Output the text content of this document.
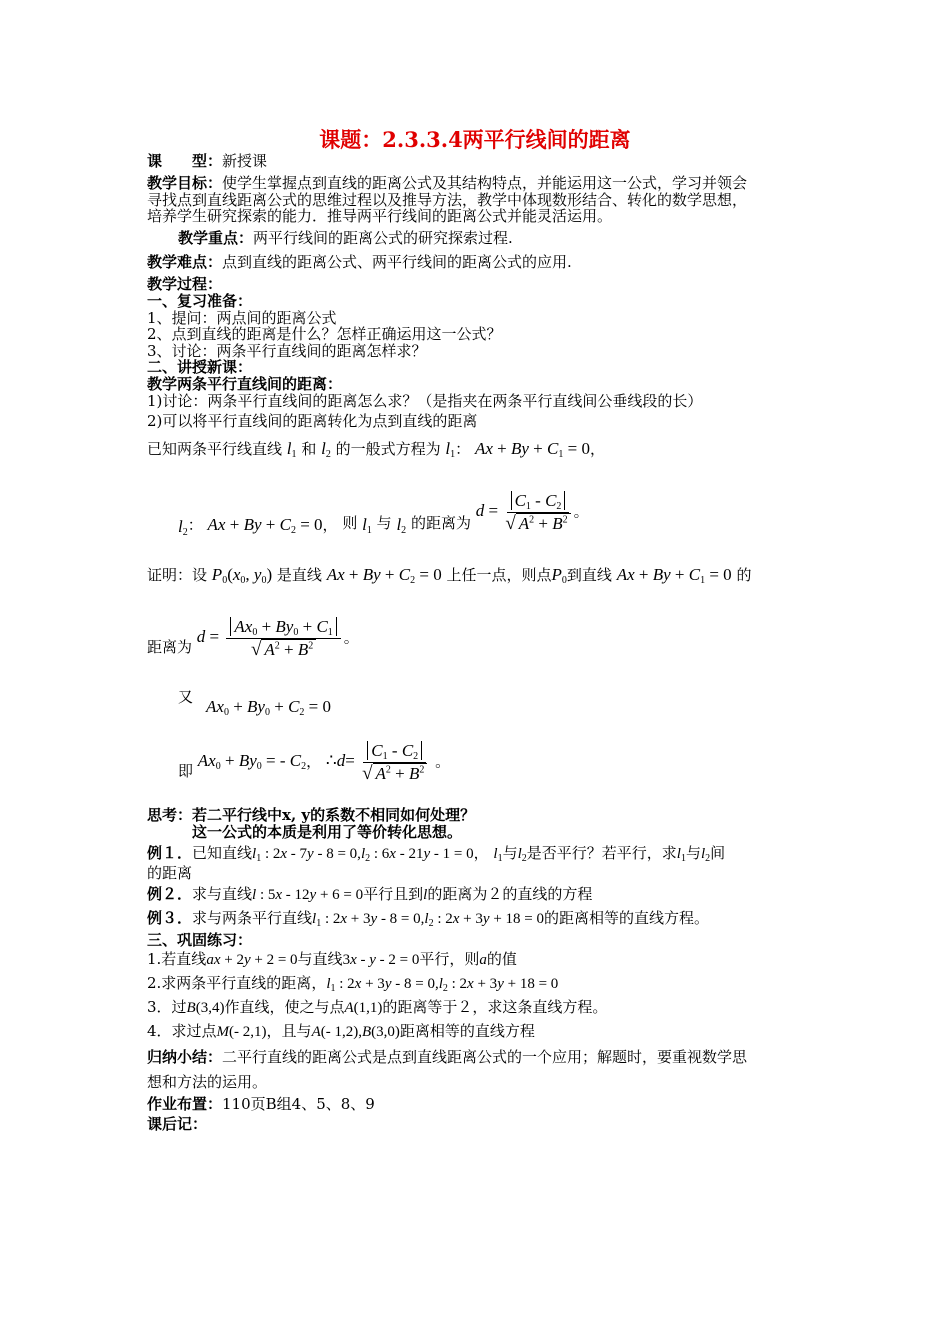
课题：2.3.3.4两平行线间的距离
课　　型：新授课
教学目标：使学生掌握点到直线的距离公式及其结构特点，并能运用这一公式，学习并领会
寻找点到直线距离公式的思维过程以及推导方法，教学中体现数形结合、转化的数学思想，
培养学生研究探索的能力．推导两平行线间的距离公式并能灵活运用。
教学重点：两平行线间的距离公式的研究探索过程.
教学难点：点到直线的距离公式、两平行线间的距离公式的应用.
教学过程：
一、复习准备：
1、提问：两点间的距离公式
2、点到直线的距离是什么？怎样正确运用这一公式？
3、讨论：两条平行直线间的距离怎样求？
二、讲授新课：
教学两条平行直线间的距离：
1)讨论：两条平行直线间的距离怎么求？（是指夹在两条平行直线间公垂线段的长）
2)可以将平行直线间的距离转化为点到直线的距离
已知两条平行线直线 $l_1$ 和 $l_2$ 的一般式方程为 $l_1$： $Ax + By + C_1 = 0$，
$l_2$： $Ax + By + C_2 = 0$， 则 $l_1$ 与 $l_2$ 的距离为 $d = \frac{C_1 - C_2}{√ A^2 + B^2}$ 。
证明：设 $P_0(x_0$, $y_0$) 是直线 $Ax + By + C_2 = 0$ 上任一点，则点$P_0$到直线 $Ax + By + C_1 = 0$ 的
距离为 $d = \frac{Ax_0 + By_0 + C_1}{√ A^2 + B^2}$ 。
又 $Ax_0 + By_0 + C_2 = 0$
即 $Ax_0 + By_0$ = - $C_2$， ∴d= $\frac{C_1 - C_2}{√ A^2 + B^2}$ 。
思考：若二平行线中x, y的系数不相同如何处理？
这一公式的本质是利用了等价转化思想。
例１．已知直线$l_1$ : $2x - 7y - 8 = 0,l_2$ : 6x - 21y - 1 = 0， $l_1$与$l_2$是否平行？若平行，求$l_1$与$l_2$间
的距离
例２．求与直线l : 5x - 12y + 6 = 0平行且到l的距离为２的直线的方程
例３．求与两条平行直线$l_1$ : $2x + 3y - 8 = 0,l_2$ : 2x + 3y + 18 = 0的距离相等的直线方程。
三、巩固练习：
1.若直线ax + 2y + 2 = 0与直线3x - y - 2 = 0平行，则a的值
2.求两条平行直线的距离，$l_1$ : $2x + 3y - 8 = 0,l_2$ : 2x + 3y + 18 = 0
3．过B(3,4)作直线，使之与点A(1,1)的距离等于２，求这条直线方程。
4．求过点M(- 2,1)，且与A(- 1,2),B(3,0)距离相等的直线方程
归纳小结：二平行直线的距离公式是点到直线距离公式的一个应用；解题时，要重视数学思
想和方法的运用。
作业布置：110页B组4、5、8、9
课后记：
